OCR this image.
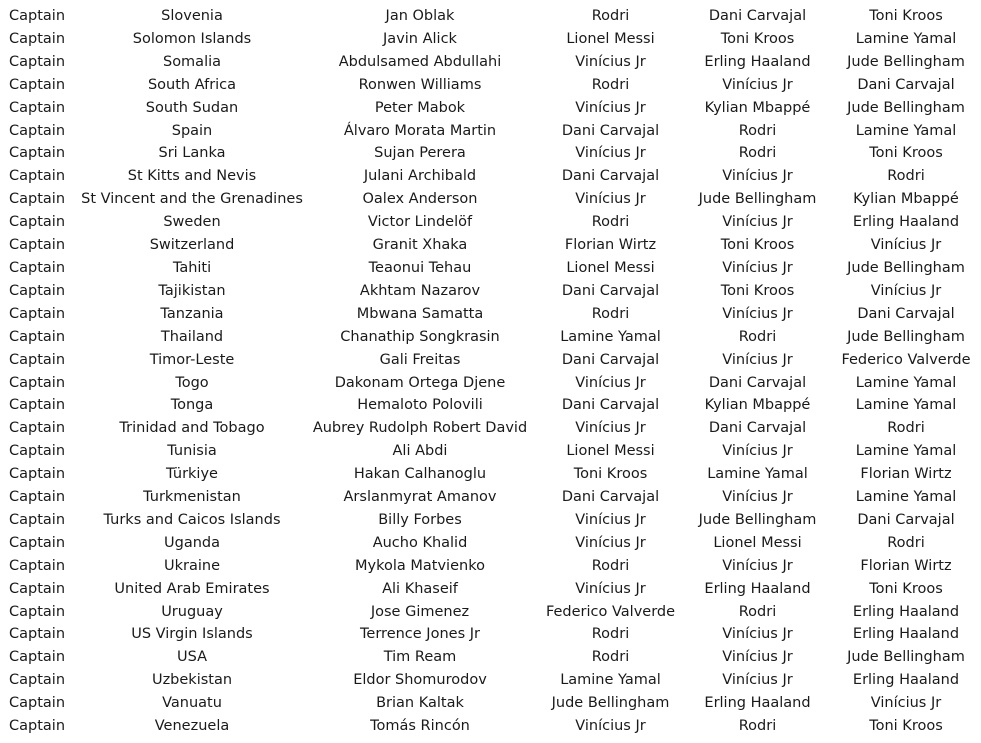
Captain	Slovenia	Jan Oblak	Rodri	Dani Carvajal	Toni Kroos
Captain	Solomon Islands	Javin Alick	Lionel Messi	Toni Kroos	Lamine Yamal
Captain	Somalia	Abdulsamed Abdullahi	Vinícius Jr	Erling Haaland	Jude Bellingham
Captain	South Africa	Ronwen Williams	Rodri	Vinícius Jr	Dani Carvajal
Captain	South Sudan	Peter Mabok	Vinícius Jr	Kylian Mbappé	Jude Bellingham
Captain	Spain	Álvaro Morata Martin	Dani Carvajal	Rodri	Lamine Yamal
Captain	Sri Lanka	Sujan Perera	Vinícius Jr	Rodri	Toni Kroos
Captain	St Kitts and Nevis	Julani Archibald	Dani Carvajal	Vinícius Jr	Rodri
Captain	St Vincent and the Grenadines	Oalex Anderson	Vinícius Jr	Jude Bellingham	Kylian Mbappé
Captain	Sweden	Victor Lindelöf	Rodri	Vinícius Jr	Erling Haaland
Captain	Switzerland	Granit Xhaka	Florian Wirtz	Toni Kroos	Vinícius Jr
Captain	Tahiti	Teaonui Tehau	Lionel Messi	Vinícius Jr	Jude Bellingham
Captain	Tajikistan	Akhtam Nazarov	Dani Carvajal	Toni Kroos	Vinícius Jr
Captain	Tanzania	Mbwana Samatta	Rodri	Vinícius Jr	Dani Carvajal
Captain	Thailand	Chanathip Songkrasin	Lamine Yamal	Rodri	Jude Bellingham
Captain	Timor-Leste	Gali Freitas	Dani Carvajal	Vinícius Jr	Federico Valverde
Captain	Togo	Dakonam Ortega Djene	Vinícius Jr	Dani Carvajal	Lamine Yamal
Captain	Tonga	Hemaloto Polovili	Dani Carvajal	Kylian Mbappé	Lamine Yamal
Captain	Trinidad and Tobago	Aubrey Rudolph Robert David	Vinícius Jr	Dani Carvajal	Rodri
Captain	Tunisia	Ali Abdi	Lionel Messi	Vinícius Jr	Lamine Yamal
Captain	Türkiye	Hakan Calhanoglu	Toni Kroos	Lamine Yamal	Florian Wirtz
Captain	Turkmenistan	Arslanmyrat Amanov	Dani Carvajal	Vinícius Jr	Lamine Yamal
Captain	Turks and Caicos Islands	Billy Forbes	Vinícius Jr	Jude Bellingham	Dani Carvajal
Captain	Uganda	Aucho Khalid	Vinícius Jr	Lionel Messi	Rodri
Captain	Ukraine	Mykola Matvienko	Rodri	Vinícius Jr	Florian Wirtz
Captain	United Arab Emirates	Ali Khaseif	Vinícius Jr	Erling Haaland	Toni Kroos
Captain	Uruguay	Jose Gimenez	Federico Valverde	Rodri	Erling Haaland
Captain	US Virgin Islands	Terrence Jones Jr	Rodri	Vinícius Jr	Erling Haaland
Captain	USA	Tim Ream	Rodri	Vinícius Jr	Jude Bellingham
Captain	Uzbekistan	Eldor Shomurodov	Lamine Yamal	Vinícius Jr	Erling Haaland
Captain	Vanuatu	Brian Kaltak	Jude Bellingham	Erling Haaland	Vinícius Jr
Captain	Venezuela	Tomás Rincón	Vinícius Jr	Rodri	Toni Kroos
